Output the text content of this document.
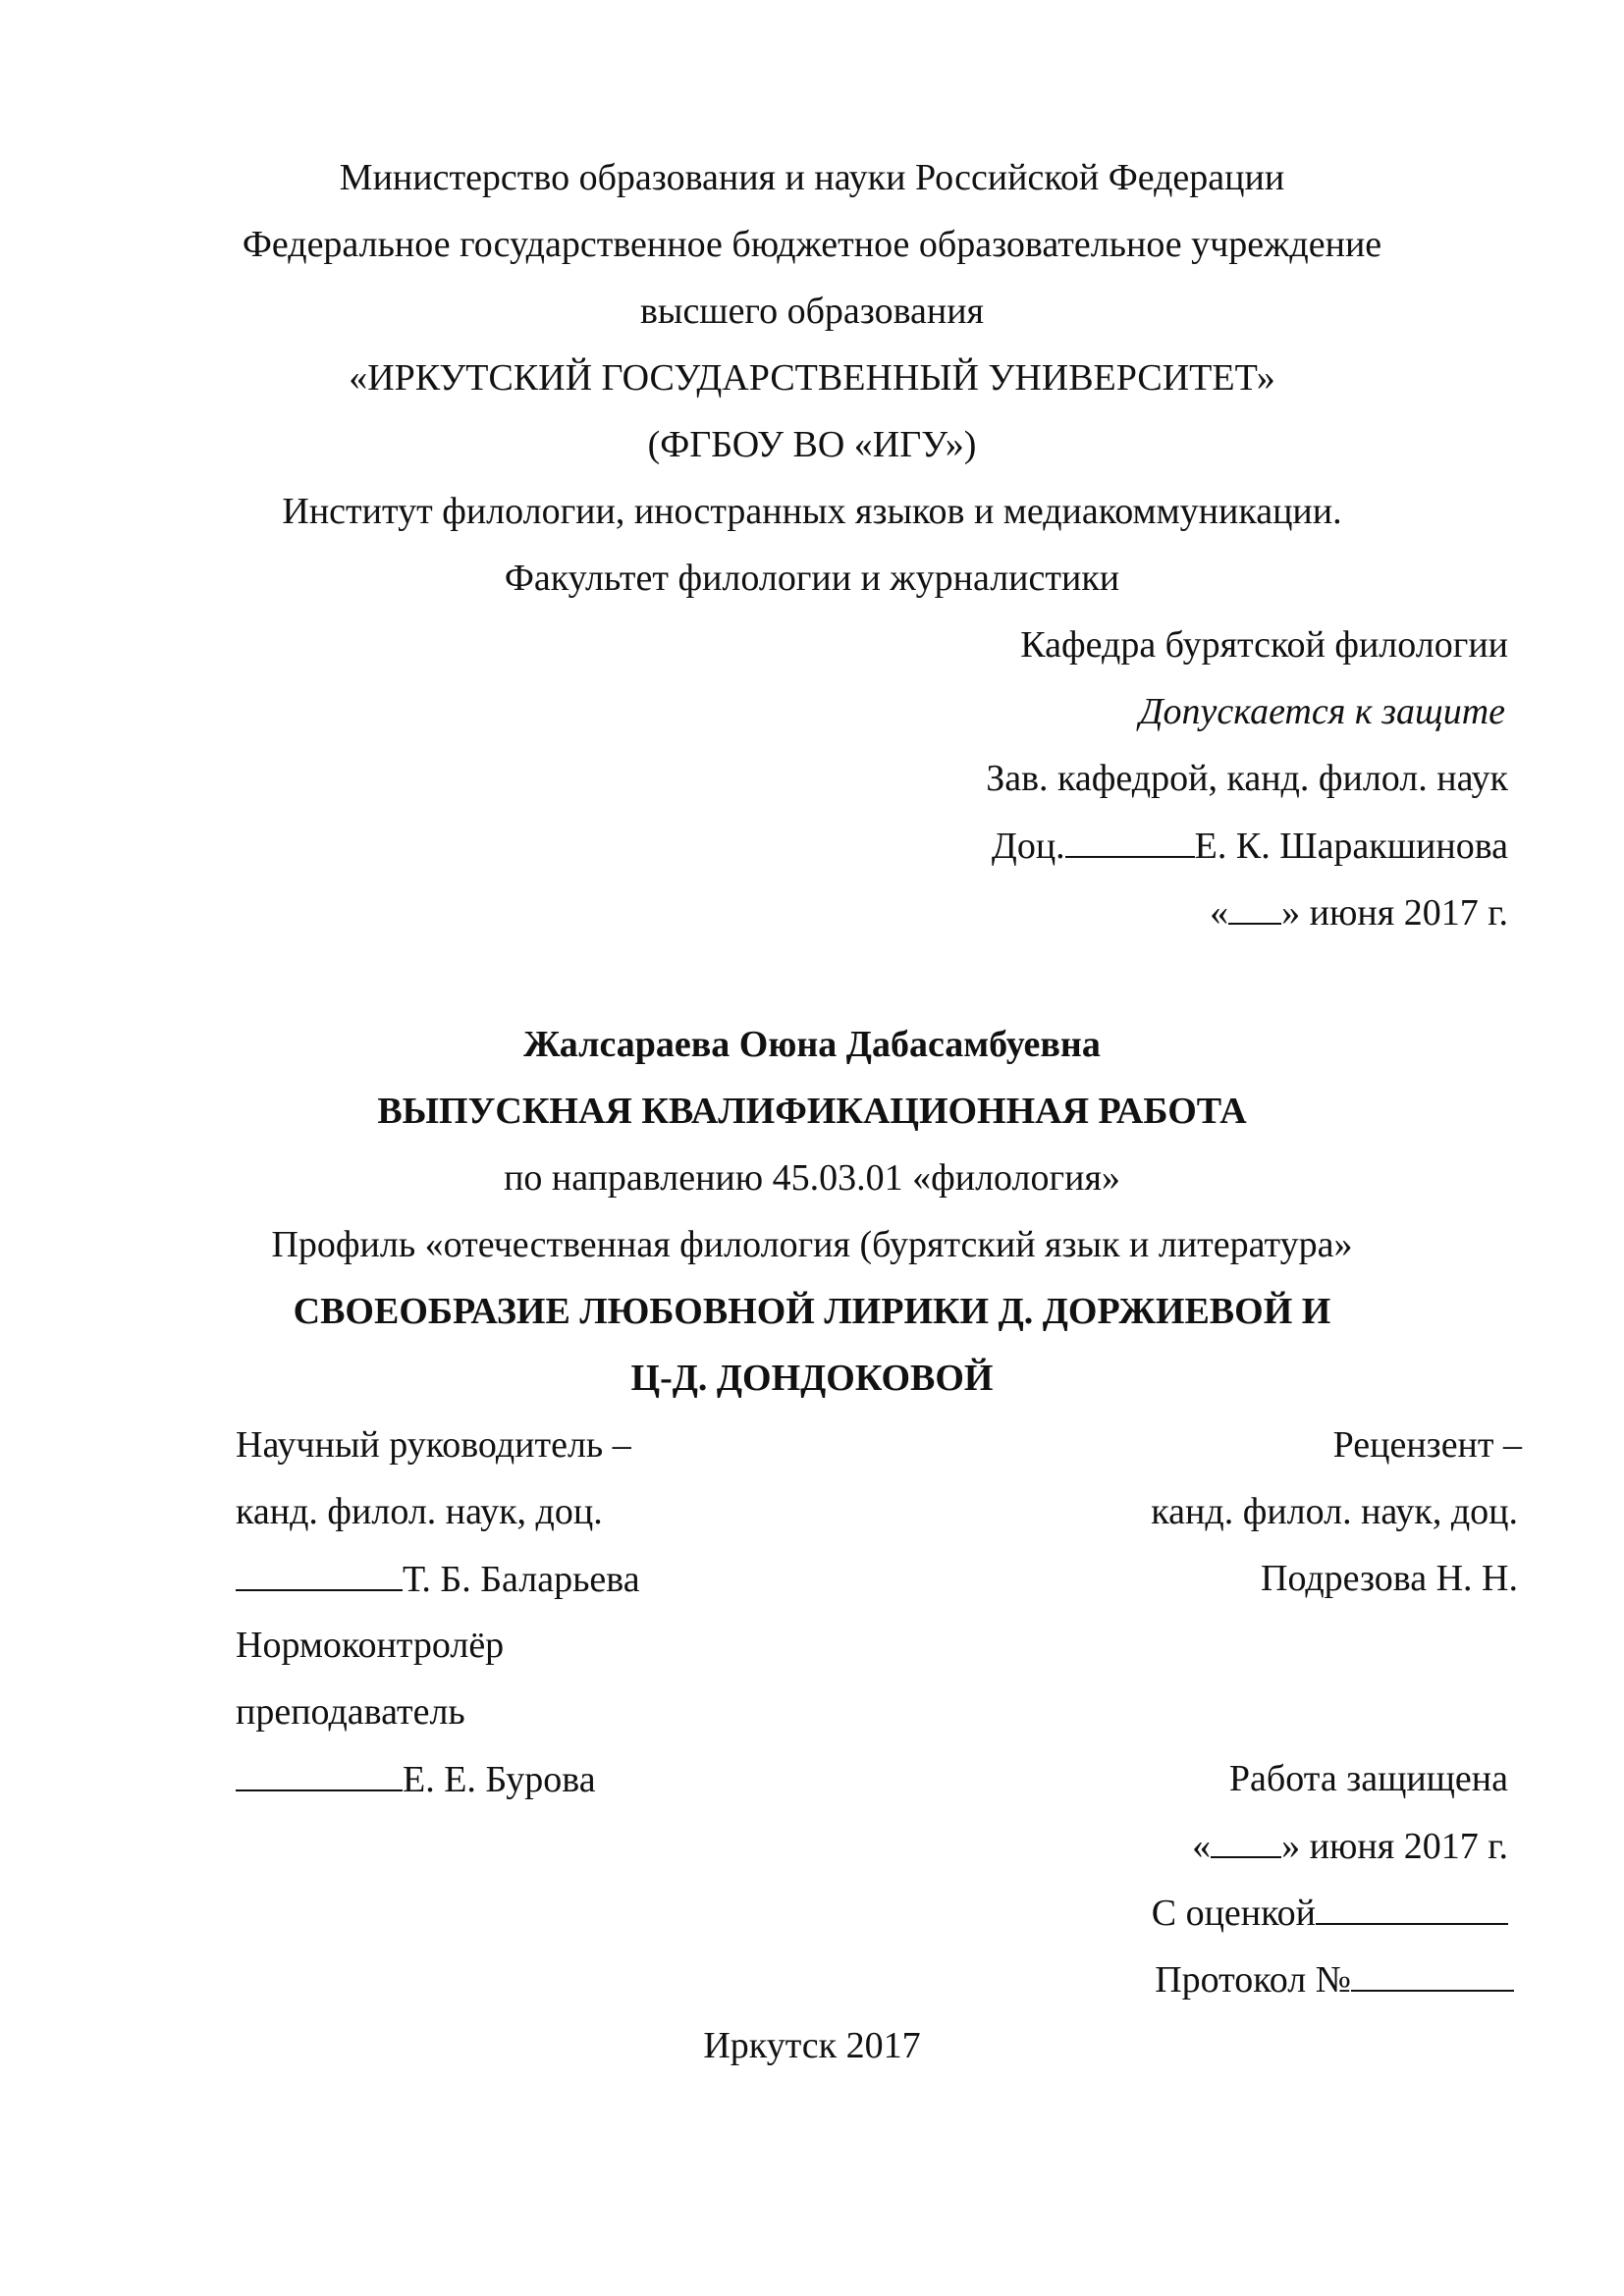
Министерство образования и науки Российской Федерации
Федеральное государственное бюджетное образовательное учреждение
высшего образования
«ИРКУТСКИЙ ГОСУДАРСТВЕННЫЙ УНИВЕРСИТЕТ»
(ФГБОУ ВО «ИГУ»)
Институт филологии, иностранных языков и медиакоммуникации.
Факультет филологии и журналистики
Кафедра бурятской филологии
Допускается к защите
Зав. кафедрой, канд. филол. наук
Доц.	Е. К. Шаракшинова
« » июня 2017 г.
Жалсараева Оюна Дабасамбуевна
ВЫПУСКНАЯ КВАЛИФИКАЦИОННАЯ РАБОТА
по направлению 45.03.01 «филология»
Профиль «отечественная филология (бурятский язык и литература»
СВОЕОБРАЗИЕ ЛЮБОВНОЙ ЛИРИКИ Д. ДОРЖИЕВОЙ И
Ц-Д. ДОНДОКОВОЙ
Научный руководитель –
канд. филол. наук, доц.
Т. Б. Баларьева
Рецензент –
канд. филол. наук, доц.
Подрезова Н. Н.
Нормоконтролёр
преподаватель
Е. Е. Бурова	Работа защищена
« » июня 2017 г.
С оценкой
Протокол №
Иркутск 2017
